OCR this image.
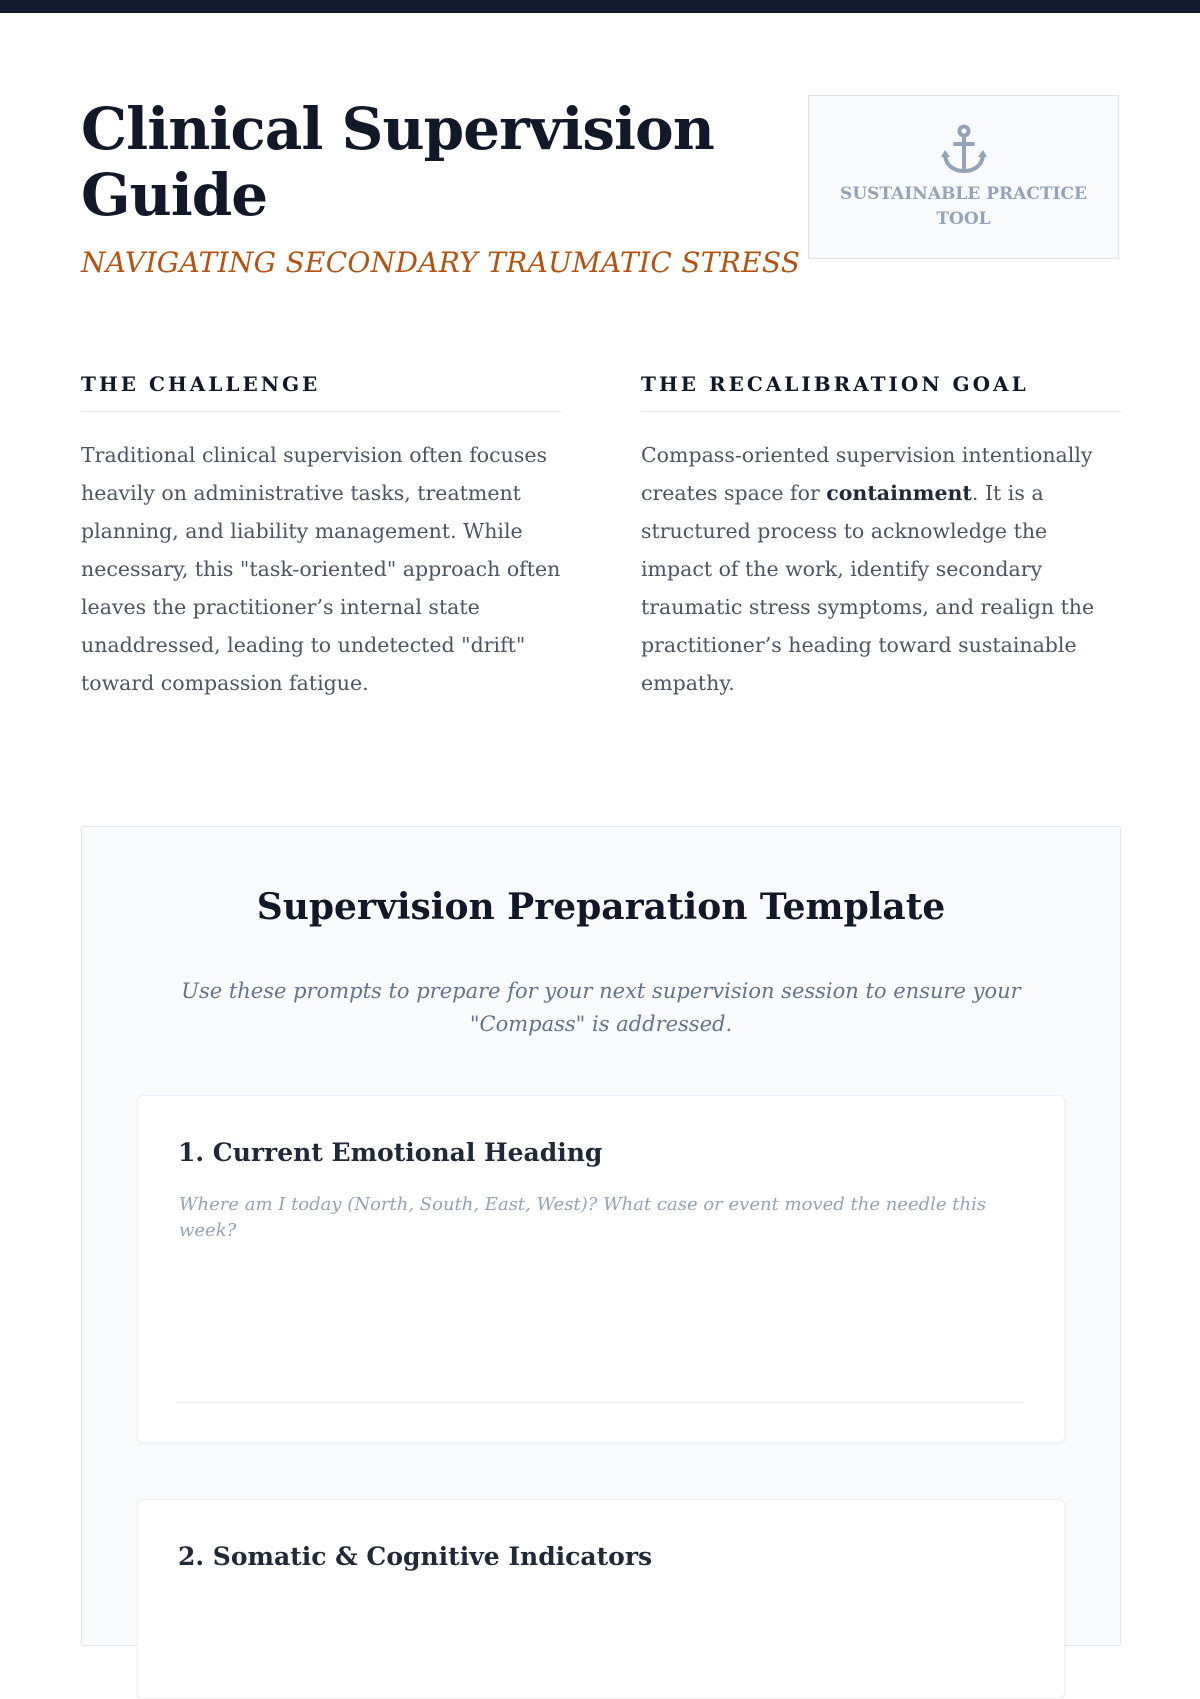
Clinical Supervision Guide

NAVIGATING SECONDARY TRAUMATIC STRESS

SUSTAINABLE PRACTICE TOOL
THE CHALLENGE

Traditional clinical supervision often focuses heavily on administrative tasks, treatment planning, and liability management. While necessary, this "task-oriented" approach often leaves the practitioner’s internal state unaddressed, leading to undetected "drift" toward compassion fatigue.

THE RECALIBRATION GOAL

Compass-oriented supervision intentionally creates space for containment. It is a structured process to acknowledge the impact of the work, identify secondary traumatic stress symptoms, and realign the practitioner’s heading toward sustainable empathy.

Supervision Preparation Template

Use these prompts to prepare for your next supervision session to ensure your "Compass" is addressed.

1. Current Emotional Heading

Where am I today (North, South, East, West)? What case or event moved the needle this week?

2. Somatic & Cognitive Indicators
